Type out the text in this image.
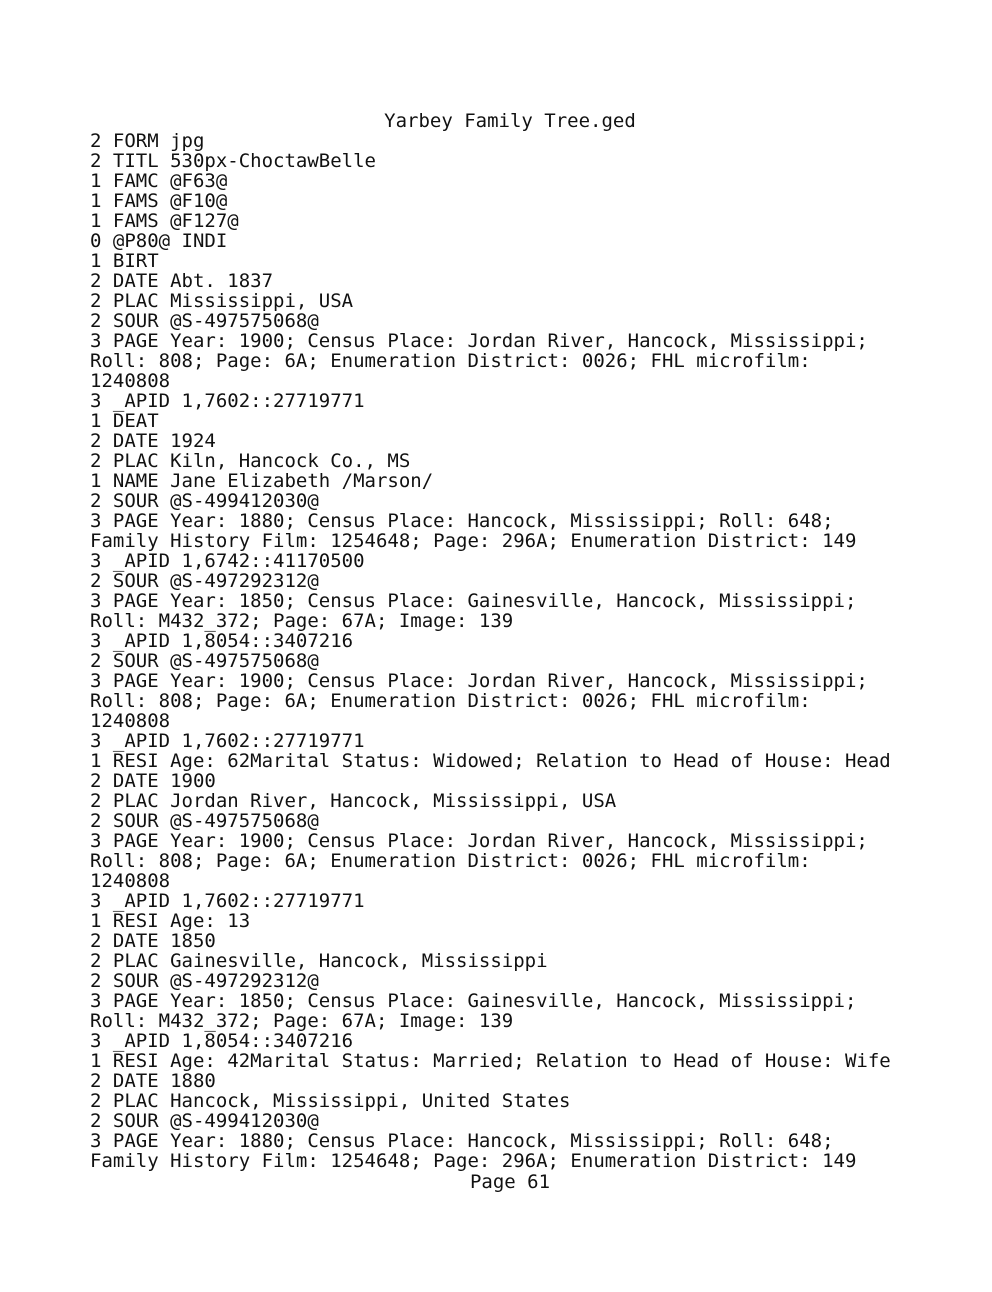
Yarbey Family Tree.ged
2 FORM jpg
2 TITL 530px-ChoctawBelle
1 FAMC @F63@
1 FAMS @F10@
1 FAMS @F127@
0 @P80@ INDI
1 BIRT
2 DATE Abt. 1837
2 PLAC Mississippi, USA
2 SOUR @S-497575068@
3 PAGE Year: 1900; Census Place: Jordan River, Hancock, Mississippi;
Roll: 808; Page: 6A; Enumeration District: 0026; FHL microfilm:
1240808
3 _APID 1,7602::27719771
1 DEAT
2 DATE 1924
2 PLAC Kiln, Hancock Co., MS
1 NAME Jane Elizabeth /Marson/
2 SOUR @S-499412030@
3 PAGE Year: 1880; Census Place: Hancock, Mississippi; Roll: 648;
Family History Film: 1254648; Page: 296A; Enumeration District: 149
3 _APID 1,6742::41170500
2 SOUR @S-497292312@
3 PAGE Year: 1850; Census Place: Gainesville, Hancock, Mississippi;
Roll: M432_372; Page: 67A; Image: 139
3 _APID 1,8054::3407216
2 SOUR @S-497575068@
3 PAGE Year: 1900; Census Place: Jordan River, Hancock, Mississippi;
Roll: 808; Page: 6A; Enumeration District: 0026; FHL microfilm:
1240808
3 _APID 1,7602::27719771
1 RESI Age: 62Marital Status: Widowed; Relation to Head of House: Head
2 DATE 1900
2 PLAC Jordan River, Hancock, Mississippi, USA
2 SOUR @S-497575068@
3 PAGE Year: 1900; Census Place: Jordan River, Hancock, Mississippi;
Roll: 808; Page: 6A; Enumeration District: 0026; FHL microfilm:
1240808
3 _APID 1,7602::27719771
1 RESI Age: 13
2 DATE 1850
2 PLAC Gainesville, Hancock, Mississippi
2 SOUR @S-497292312@
3 PAGE Year: 1850; Census Place: Gainesville, Hancock, Mississippi;
Roll: M432_372; Page: 67A; Image: 139
3 _APID 1,8054::3407216
1 RESI Age: 42Marital Status: Married; Relation to Head of House: Wife
2 DATE 1880
2 PLAC Hancock, Mississippi, United States
2 SOUR @S-499412030@
3 PAGE Year: 1880; Census Place: Hancock, Mississippi; Roll: 648;
Family History Film: 1254648; Page: 296A; Enumeration District: 149
Page 61
